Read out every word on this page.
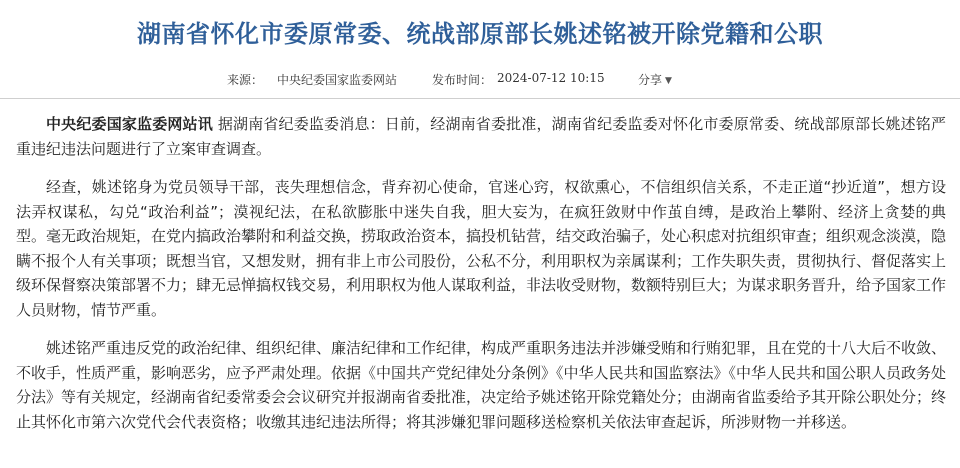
湖南省怀化市委原常委、统战部原部长姚述铭被开除党籍和公职
来源： 中央纪委国家监委网站	发布时间： 2024-07-12 10:15	分享 ▼

中央纪委国家监委网站讯 据湖南省纪委监委消息：日前，经湖南省委批准，湖南省纪委监委对怀化市委原常委、统战部原部长姚述铭严重违纪违法问题进行了立案审查调查。

经查，姚述铭身为党员领导干部，丧失理想信念，背弃初心使命，官迷心窍，权欲熏心，不信组织信关系，不走正道“抄近道”，想方设法弄权谋私，勾兑“政治利益”；漠视纪法，在私欲膨胀中迷失自我，胆大妄为，在疯狂敛财中作茧自缚，是政治上攀附、经济上贪婪的典型。毫无政治规矩，在党内搞政治攀附和利益交换，捞取政治资本，搞投机钻营，结交政治骗子，处心积虑对抗组织审查；组织观念淡漠，隐瞒不报个人有关事项；既想当官，又想发财，拥有非上市公司股份，公私不分，利用职权为亲属谋利；工作失职失责，贯彻执行、督促落实上级环保督察决策部署不力；肆无忌惮搞权钱交易，利用职权为他人谋取利益，非法收受财物，数额特别巨大；为谋求职务晋升，给予国家工作人员财物，情节严重。

姚述铭严重违反党的政治纪律、组织纪律、廉洁纪律和工作纪律，构成严重职务违法并涉嫌受贿和行贿犯罪，且在党的十八大后不收敛、不收手，性质严重，影响恶劣，应予严肃处理。依据《中国共产党纪律处分条例》《中华人民共和国监察法》《中华人民共和国公职人员政务处分法》等有关规定，经湖南省纪委常委会会议研究并报湖南省委批准，决定给予姚述铭开除党籍处分；由湖南省监委给予其开除公职处分；终止其怀化市第六次党代会代表资格；收缴其违纪违法所得；将其涉嫌犯罪问题移送检察机关依法审查起诉，所涉财物一并移送。
